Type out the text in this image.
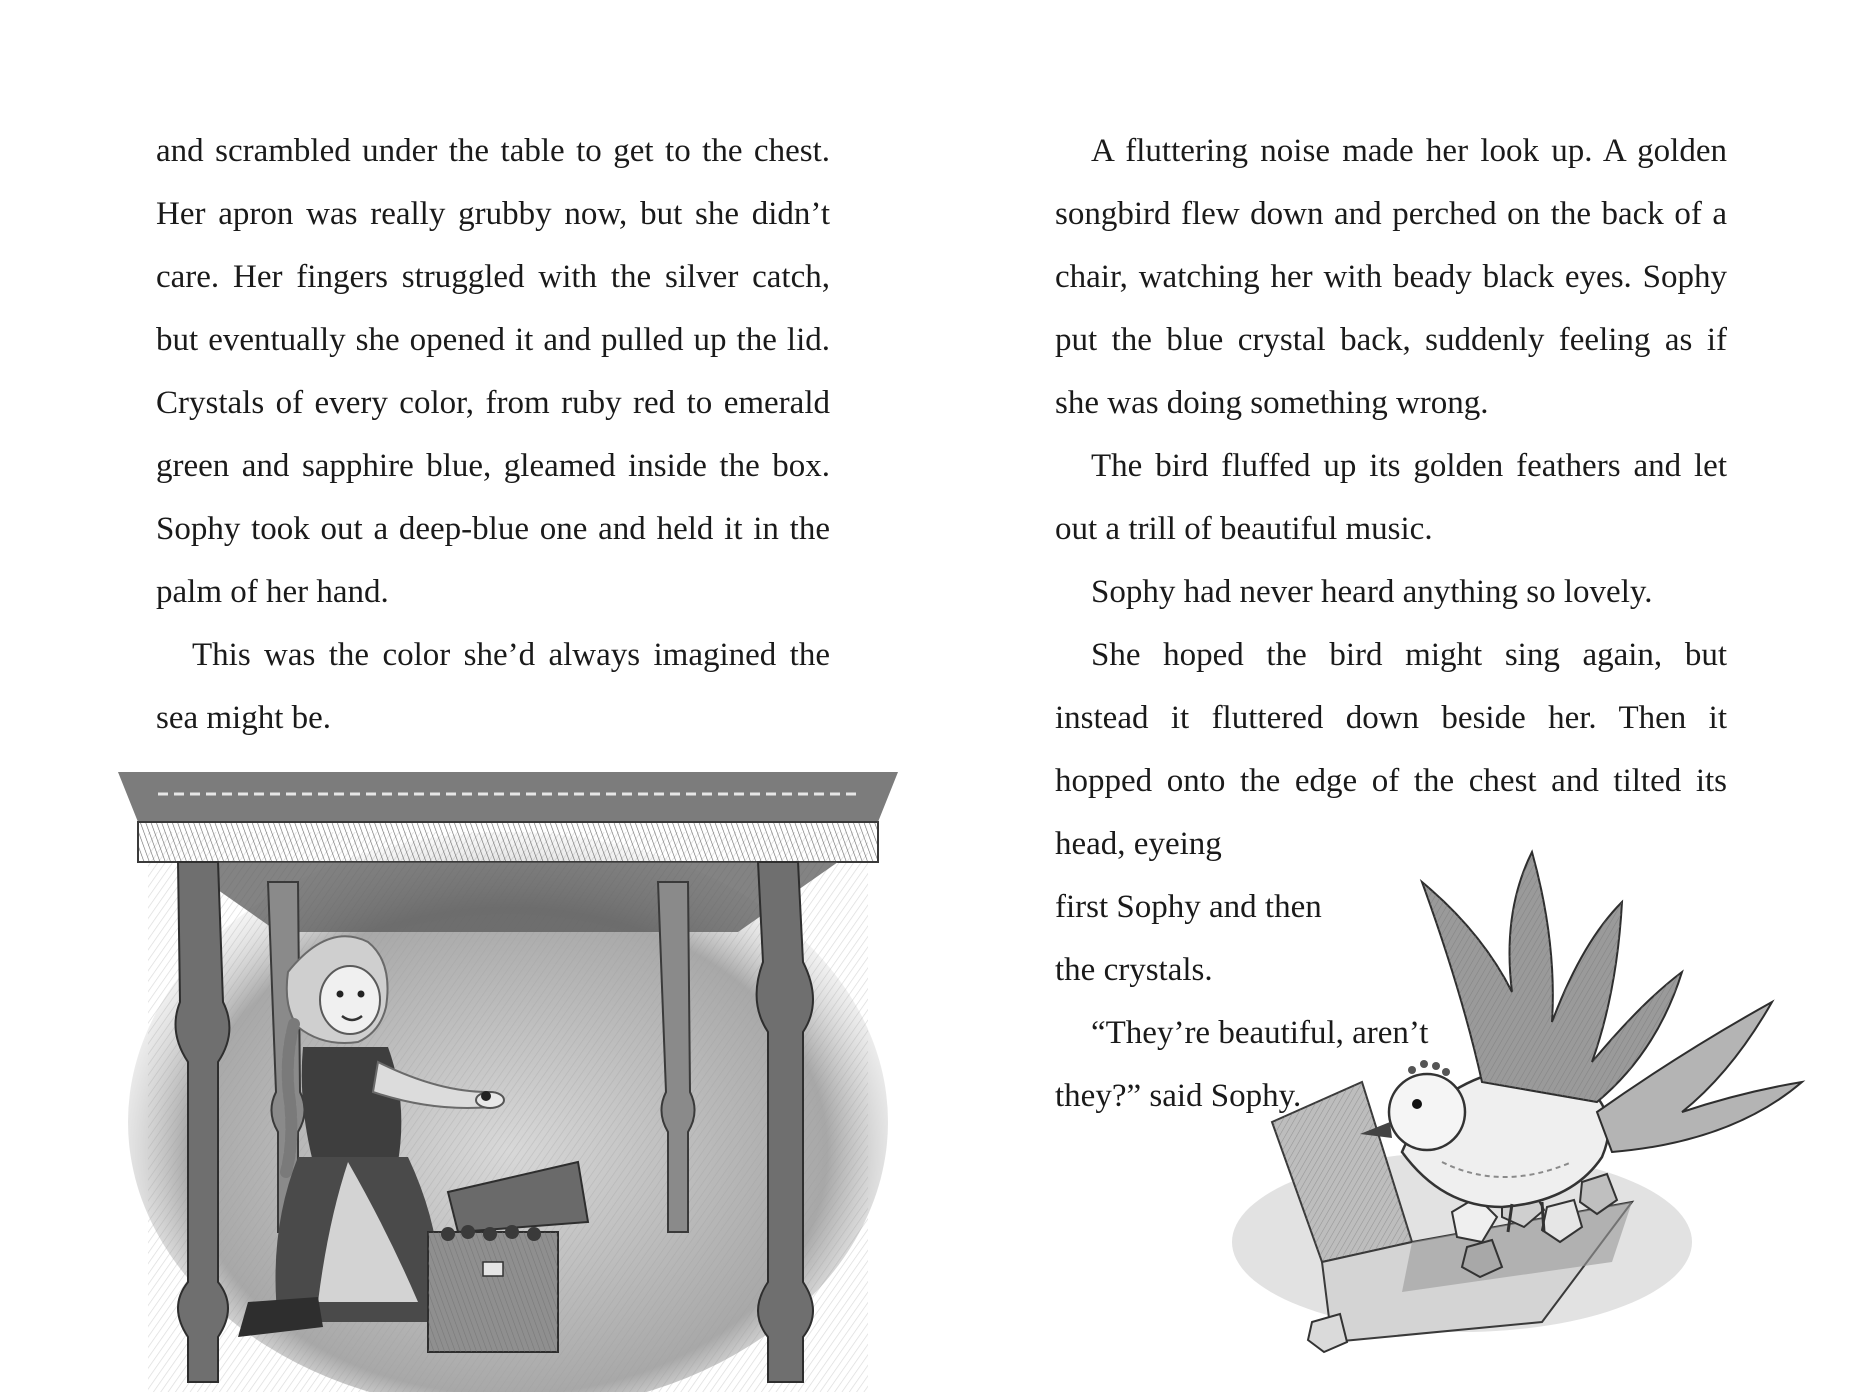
and scrambled under the table to get to the chest. Her apron was really grubby now, but she didn’t care. Her fingers struggled with the silver catch, but eventually she opened it and pulled up the lid. Crystals of every color, from ruby red to emerald green and sapphire blue, gleamed inside the box. Sophy took out a deep-blue one and held it in the palm of her hand.

This was the color she’d always imagined the sea might be.

A fluttering noise made her look up. A golden songbird flew down and perched on the back of a chair, watching her with beady black eyes. Sophy put the blue crystal back, suddenly feeling as if she was doing something wrong.

The bird fluffed up its golden feathers and let out a trill of beautiful music.

Sophy had never heard anything so lovely.

She hoped the bird might sing again, but instead it fluttered down beside her. Then it hopped onto the edge of the chest and tilted its head, eyeing

first Sophy and then

the crystals.

“They’re beautiful, aren’t

they?” said Sophy.
